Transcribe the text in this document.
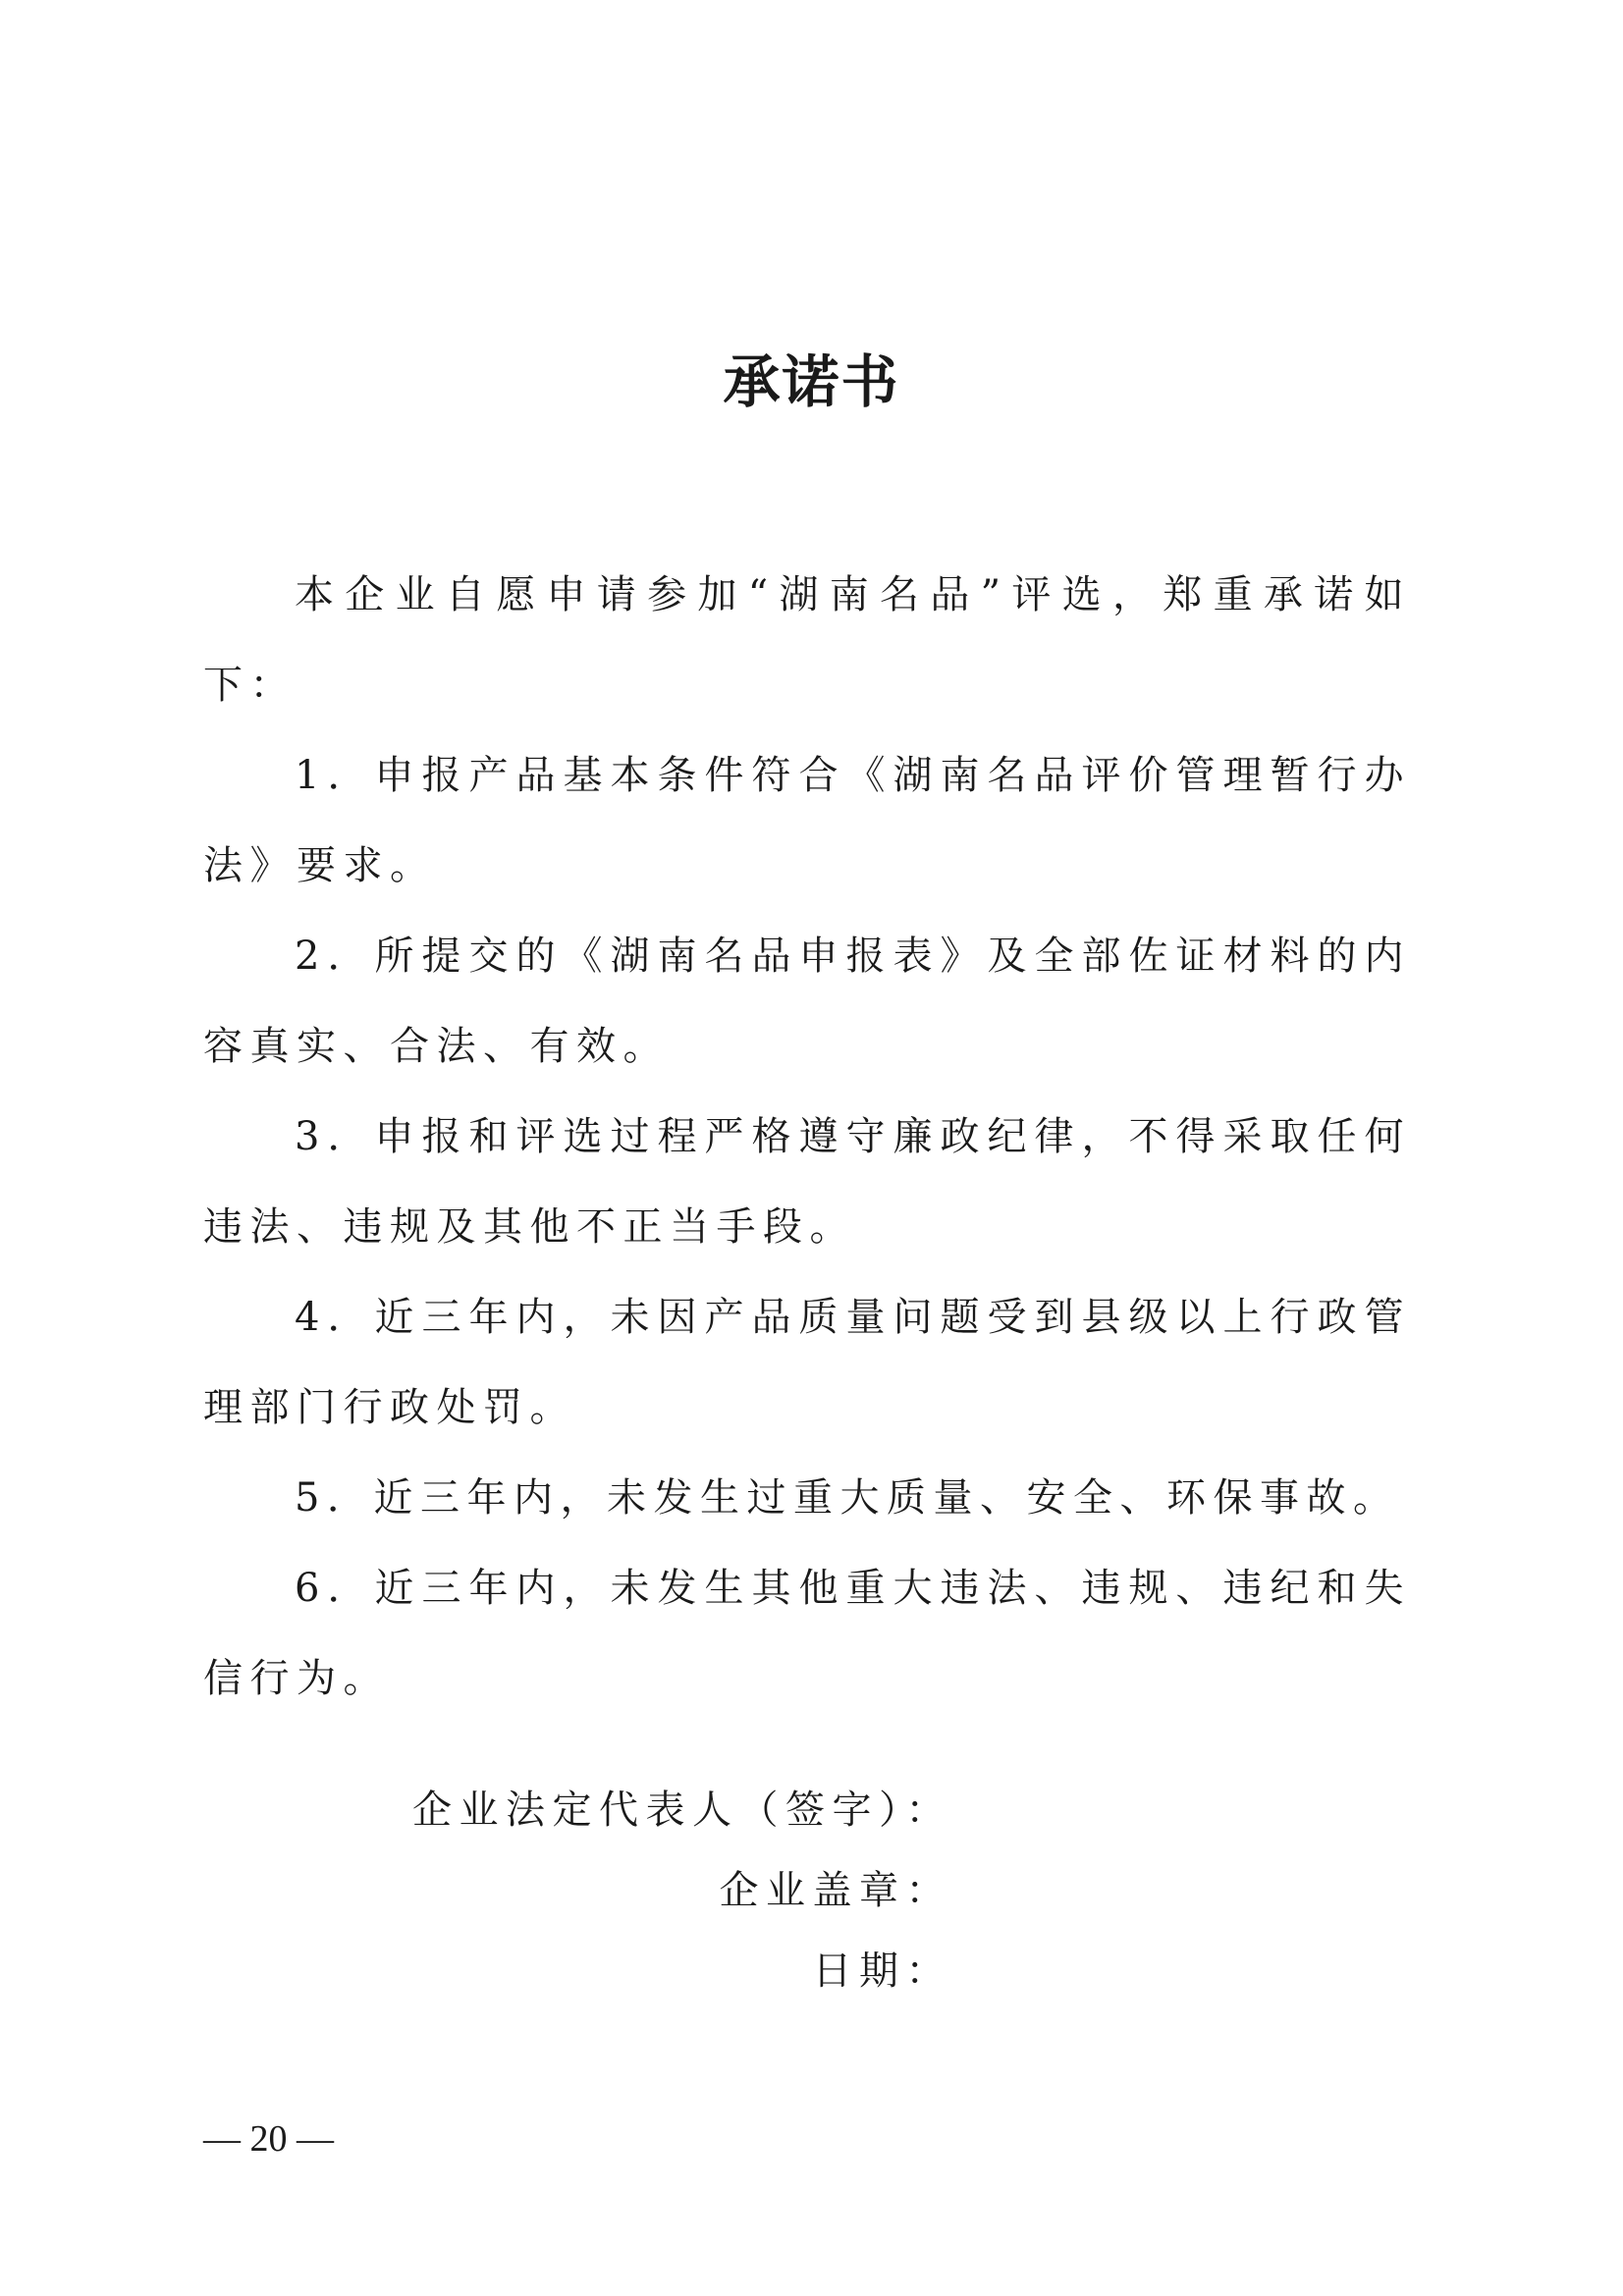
承诺书

本企业自愿申请参加“湖南名品”评选，郑重承诺如下：

1．申报产品基本条件符合《湖南名品评价管理暂行办法》要求。

2．所提交的《湖南名品申报表》及全部佐证材料的内容真实、合法、有效。

3．申报和评选过程严格遵守廉政纪律，不得采取任何违法、违规及其他不正当手段。

4．近三年内，未因产品质量问题受到县级以上行政管理部门行政处罚。

5．近三年内，未发生过重大质量、安全、环保事故。

6．近三年内，未发生其他重大违法、违规、违纪和失信行为。

企业法定代表人（签字）：
企业盖章：
日期：
— 20 —
